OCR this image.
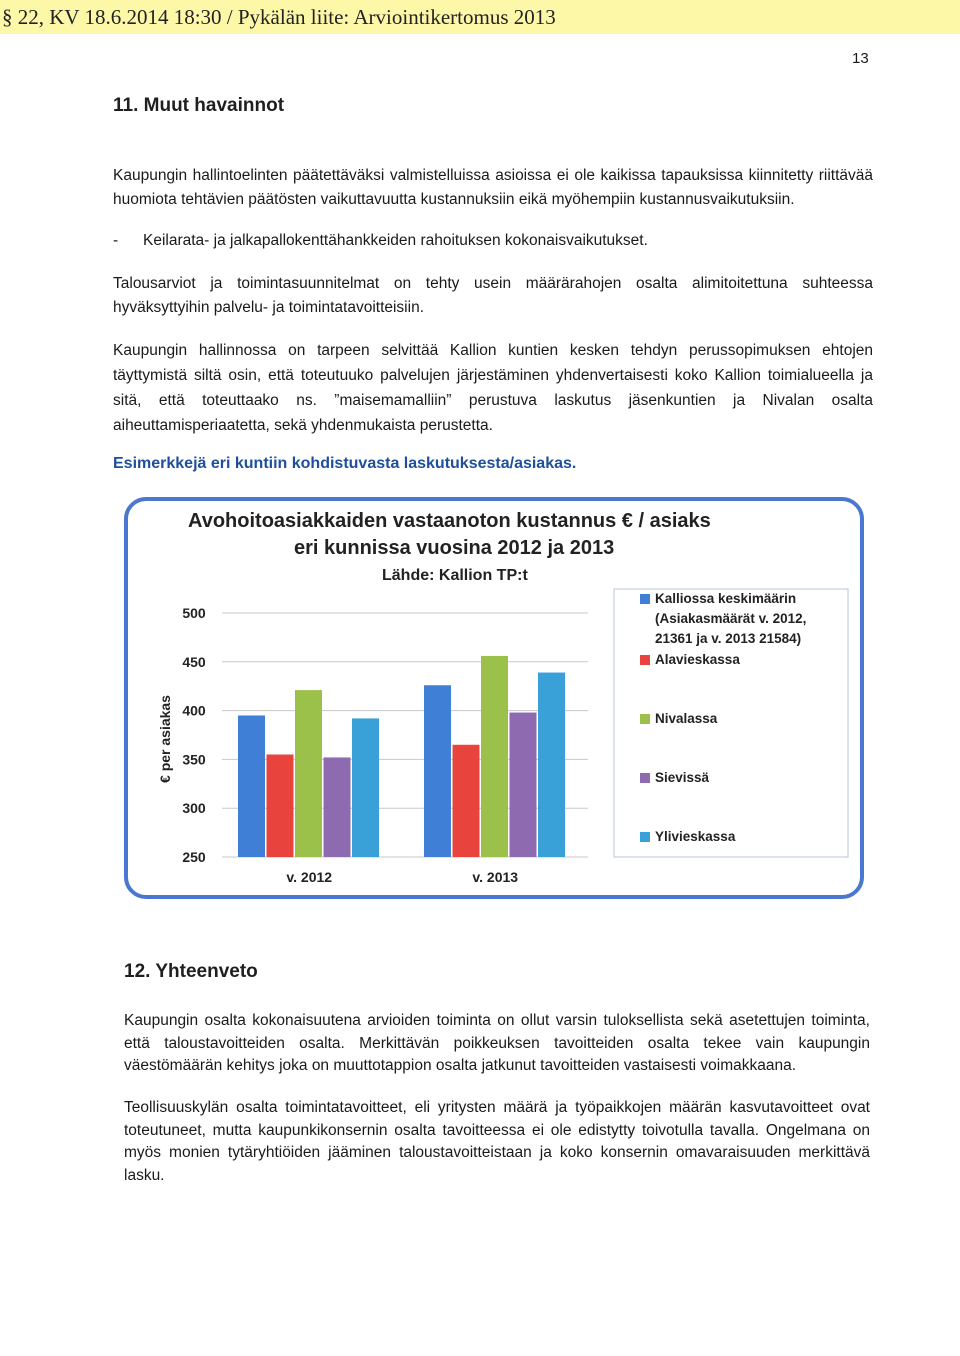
§ 22, KV 18.6.2014 18:30 / Pykälän liite: Arviointikertomus 2013
13
11. Muut havainnot

Kaupungin hallintoelinten päätettäväksi valmistelluissa asioissa ei ole kaikissa tapauksissa kiinnitetty riittävää huomiota tehtävien päätösten vaikuttavuutta kustannuksiin eikä myöhempiin kustannusvaikutuksiin.

- Keilarata- ja jalkapallokenttähankkeiden rahoituksen kokonaisvaikutukset.

Talousarviot ja toimintasuunnitelmat on tehty usein määrärahojen osalta alimitoitettuna suhteessa hyväksyttyihin palvelu- ja toimintatavoitteisiin.

Kaupungin hallinnossa on tarpeen selvittää Kallion kuntien kesken tehdyn perussopimuksen ehtojen täyttymistä siltä osin, että toteutuuko palvelujen järjestäminen yhdenvertaisesti koko Kallion toimialueella ja sitä, että toteuttaako ns. ”maisemamalliin” perustuva laskutus jäsenkuntien ja Nivalan osalta aiheuttamisperiaatetta, sekä yhdenmukaista perustetta.

Esimerkkejä eri kuntiin kohdistuvasta laskutuksesta/asiakas.
Avohoitoasiakkaiden vastaanoton kustannus € / asiaks
eri kunnissa vuosina 2012 ja 2013
Lähde: Kallion TP:t
€ per asiakas
250
300
350
400
450
500
v. 2012	v. 2013
Kalliossa keskimäärin
(Asiakasmäärät v. 2012,
21361 ja v. 2013 21584)
Alavieskassa
Nivalassa
Sievissä
Ylivieskassa
12. Yhteenveto

Kaupungin osalta kokonaisuutena arvioiden toiminta on ollut varsin tuloksellista sekä asetettujen toiminta, että taloustavoitteiden osalta. Merkittävän poikkeuksen tavoitteiden osalta tekee vain kaupungin väestömäärän kehitys joka on muuttotappion osalta jatkunut tavoitteiden vastaisesti voimakkaana.

Teollisuuskylän osalta toimintatavoitteet, eli yritysten määrä ja työpaikkojen määrän kasvutavoitteet ovat toteutuneet, mutta kaupunkikonsernin osalta tavoitteessa ei ole edistytty toivotulla tavalla. Ongelmana on myös monien tytäryhtiöiden jääminen taloustavoitteistaan ja koko konsernin omavaraisuuden merkittävä lasku.
